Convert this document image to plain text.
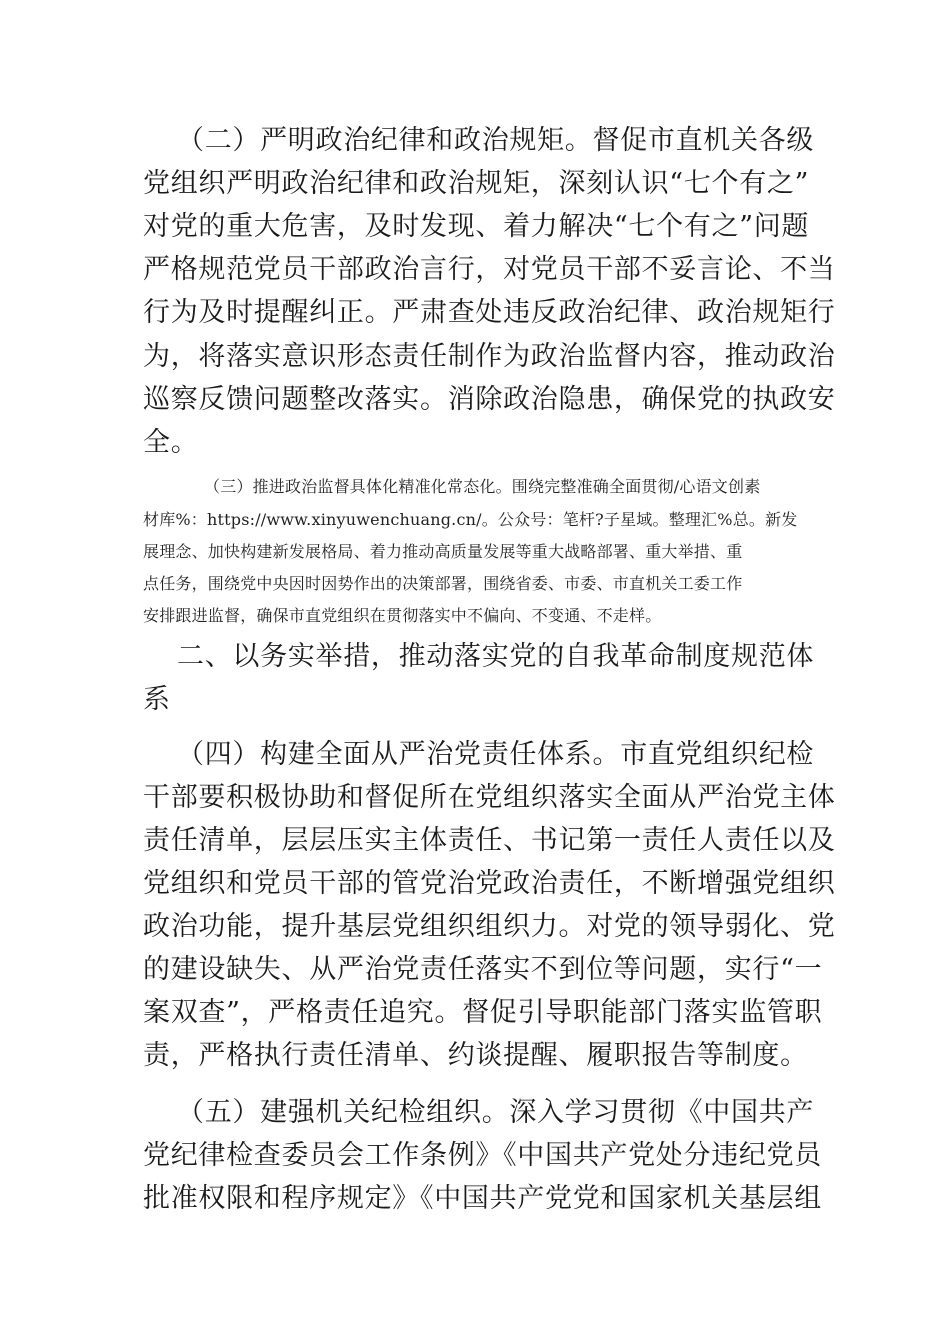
（二）严明政治纪律和政治规矩。督促市直机关各级

党组织严明政治纪律和政治规矩，深刻认识“七个有之”

对党的重大危害，及时发现、着力解决“七个有之”问题

严格规范党员干部政治言行，对党员干部不妥言论、不当

行为及时提醒纠正。严肃查处违反政治纪律、政治规矩行

为，将落实意识形态责任制作为政治监督内容，推动政治

巡察反馈问题整改落实。消除政治隐患，确保党的执政安

全。

（三）推进政治监督具体化精准化常态化。围绕完整准确全面贯彻/心语文创素

材库%：https://www.xinyuwenchuang.cn/。公众号：笔杆?子星域。整理汇%总。新发

展理念、加快构建新发展格局、着力推动高质量发展等重大战略部署、重大举措、重

点任务，围绕党中央因时因势作出的决策部署，围绕省委、市委、市直机关工委工作

安排跟进监督，确保市直党组织在贯彻落实中不偏向、不变通、不走样。

二、以务实举措，推动落实党的自我革命制度规范体

系

（四）构建全面从严治党责任体系。市直党组织纪检

干部要积极协助和督促所在党组织落实全面从严治党主体

责任清单，层层压实主体责任、书记第一责任人责任以及

党组织和党员干部的管党治党政治责任，不断增强党组织

政治功能，提升基层党组织组织力。对党的领导弱化、党

的建设缺失、从严治党责任落实不到位等问题，实行“一

案双查”，严格责任追究。督促引导职能部门落实监管职

责，严格执行责任清单、约谈提醒、履职报告等制度。

（五）建强机关纪检组织。深入学习贯彻《中国共产

党纪律检查委员会工作条例》《中国共产党处分违纪党员

批准权限和程序规定》《中国共产党党和国家机关基层组
